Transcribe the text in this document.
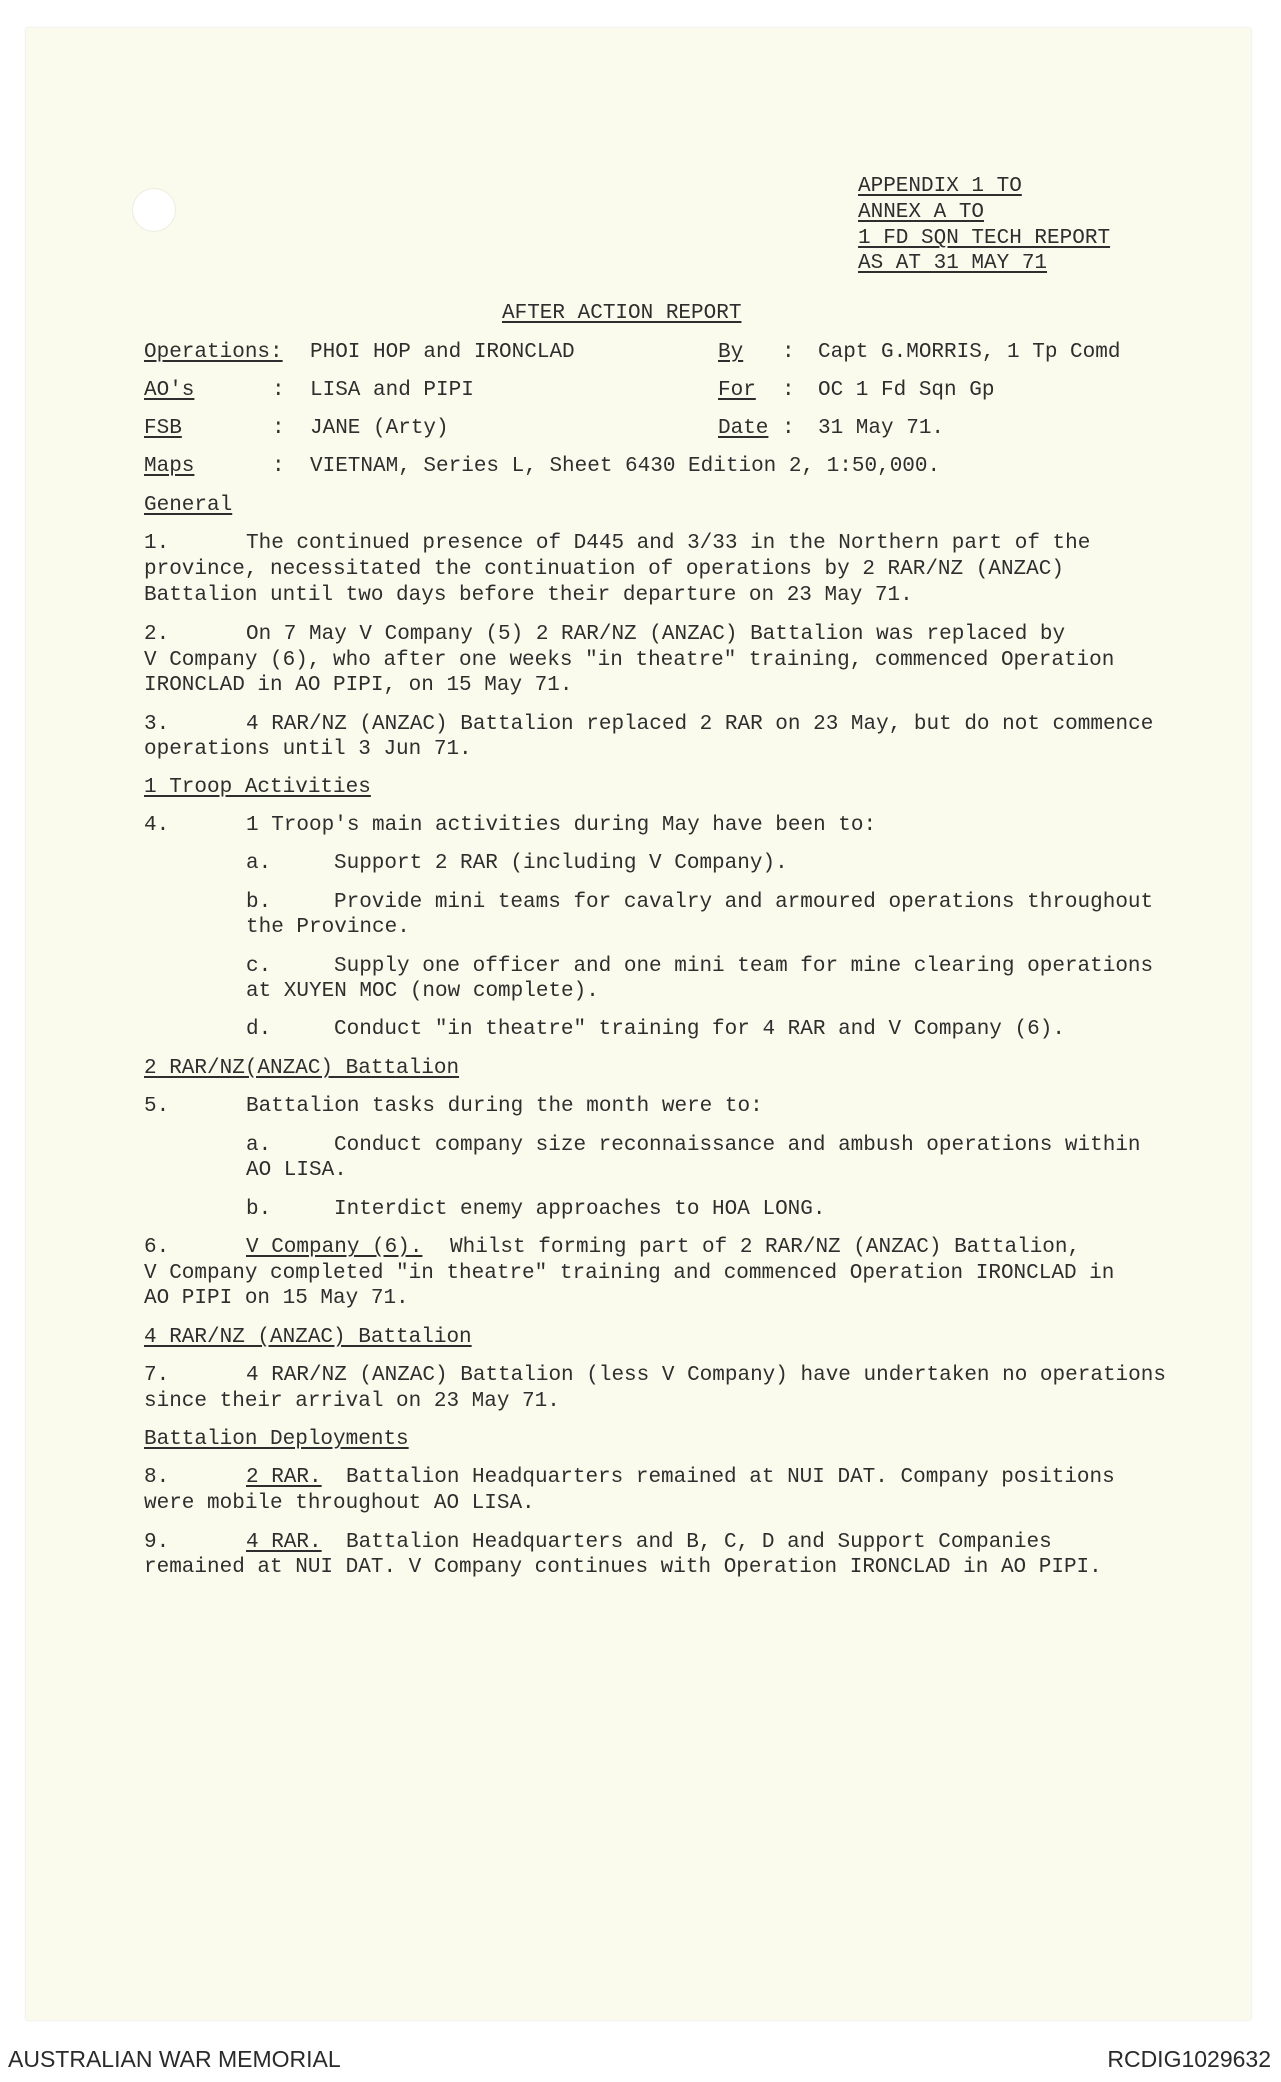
APPENDIX 1 TO
ANNEX A TO
1 FD SQN TECH REPORT
AS AT 31 MAY 71
AFTER ACTION REPORT
Operations: PHOI HOP and IRONCLAD	By : Capt G.MORRIS, 1 Tp Comd
AO's	: LISA and PIPI	For : OC 1 Fd Sqn Gp
FSB	: JANE (Arty)	Date : 31 May 71.
Maps	: VIETNAM, Series L, Sheet 6430 Edition 2, 1:50,000.
General
1.	The continued presence of D445 and 3/33 in the Northern part of the
province, necessitated the continuation of operations by 2 RAR/NZ (ANZAC)
Battalion until two days before their departure on 23 May 71.
2.	On 7 May V Company (5) 2 RAR/NZ (ANZAC) Battalion was replaced by
V Company (6), who after one weeks "in theatre" training, commenced Operation
IRONCLAD in AO PIPI, on 15 May 71.
3.	4 RAR/NZ (ANZAC) Battalion replaced 2 RAR on 23 May, but do not commence
operations until 3 Jun 71.
1 Troop Activities
4.	1 Troop's main activities during May have been to:
a.	Support 2 RAR (including V Company).
b.	Provide mini teams for cavalry and armoured operations throughout
the Province.
c.	Supply one officer and one mini team for mine clearing operations
at XUYEN MOC (now complete).
d.	Conduct "in theatre" training for 4 RAR and V Company (6).
2 RAR/NZ(ANZAC) Battalion
5.	Battalion tasks during the month were to:
a.	Conduct company size reconnaissance and ambush operations within
AO LISA.
b.	Interdict enemy approaches to HOA LONG.
6.	V Company (6). Whilst forming part of 2 RAR/NZ (ANZAC) Battalion,
V Company completed "in theatre" training and commenced Operation IRONCLAD in
AO PIPI on 15 May 71.
4 RAR/NZ (ANZAC) Battalion
7.	4 RAR/NZ (ANZAC) Battalion (less V Company) have undertaken no operations
since their arrival on 23 May 71.
Battalion Deployments
8.	2 RAR. Battalion Headquarters remained at NUI DAT. Company positions
were mobile throughout AO LISA.
9.	4 RAR. Battalion Headquarters and B, C, D and Support Companies
remained at NUI DAT. V Company continues with Operation IRONCLAD in AO PIPI.
AUSTRALIAN WAR MEMORIAL	RCDIG1029632
